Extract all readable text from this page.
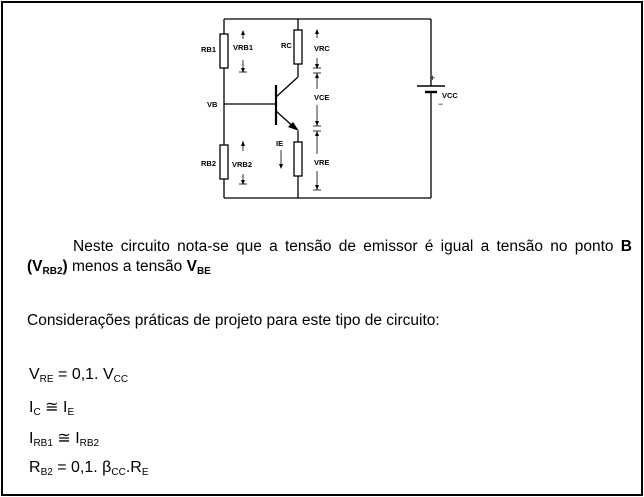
RB1 VRB1	RC	VRC
VB
VCE
IE
RB2 VRB2	VRE
VCC
+
−

Neste circuito nota-se que a tensão de emissor é igual a tensão no ponto B $(V_{RB2})$ menos a tensão $V_{BE}$

Considerações práticas de projeto para este tipo de circuito:

$V_{RE} = 0,1$. $V_{CC}$

$I_C$ ≅ $I_E$

$I_{RB1}$ ≅ $I_{RB2}$

$R_{B2} = 0,1$. $\beta_{CC}.R_E$
